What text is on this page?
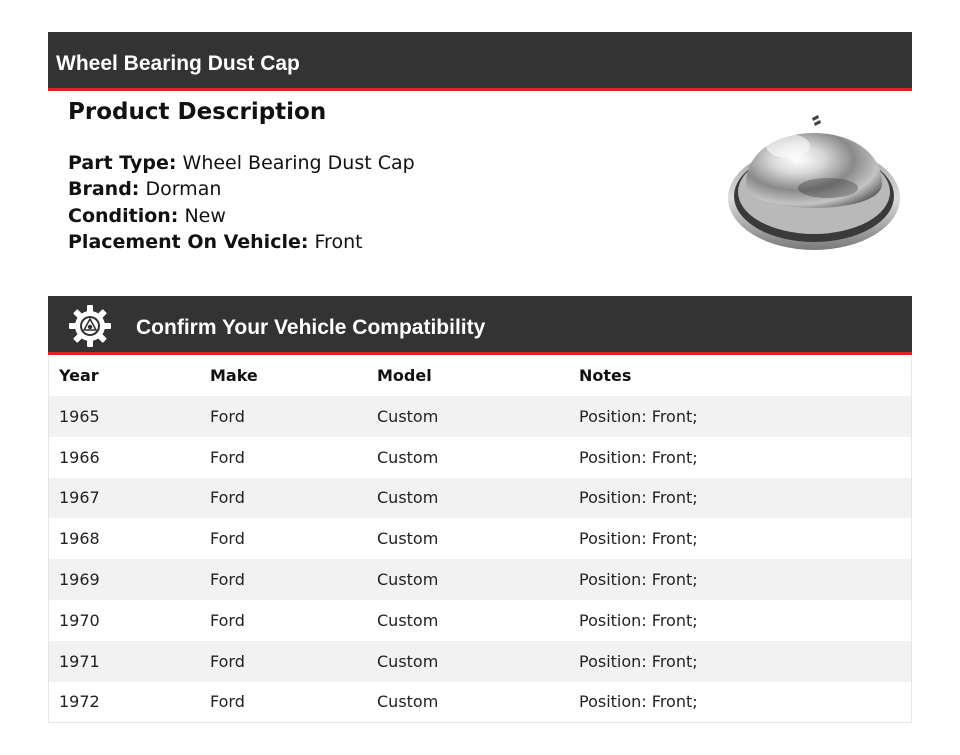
Wheel Bearing Dust Cap
Product Description
Part Type: Wheel Bearing Dust Cap
Brand: Dorman
Condition: New
Placement On Vehicle: Front
Confirm Your Vehicle Compatibility
Year	Make	Model	Notes
1965	Ford	Custom	Position: Front;
1966	Ford	Custom	Position: Front;
1967	Ford	Custom	Position: Front;
1968	Ford	Custom	Position: Front;
1969	Ford	Custom	Position: Front;
1970	Ford	Custom	Position: Front;
1971	Ford	Custom	Position: Front;
1972	Ford	Custom	Position: Front;
